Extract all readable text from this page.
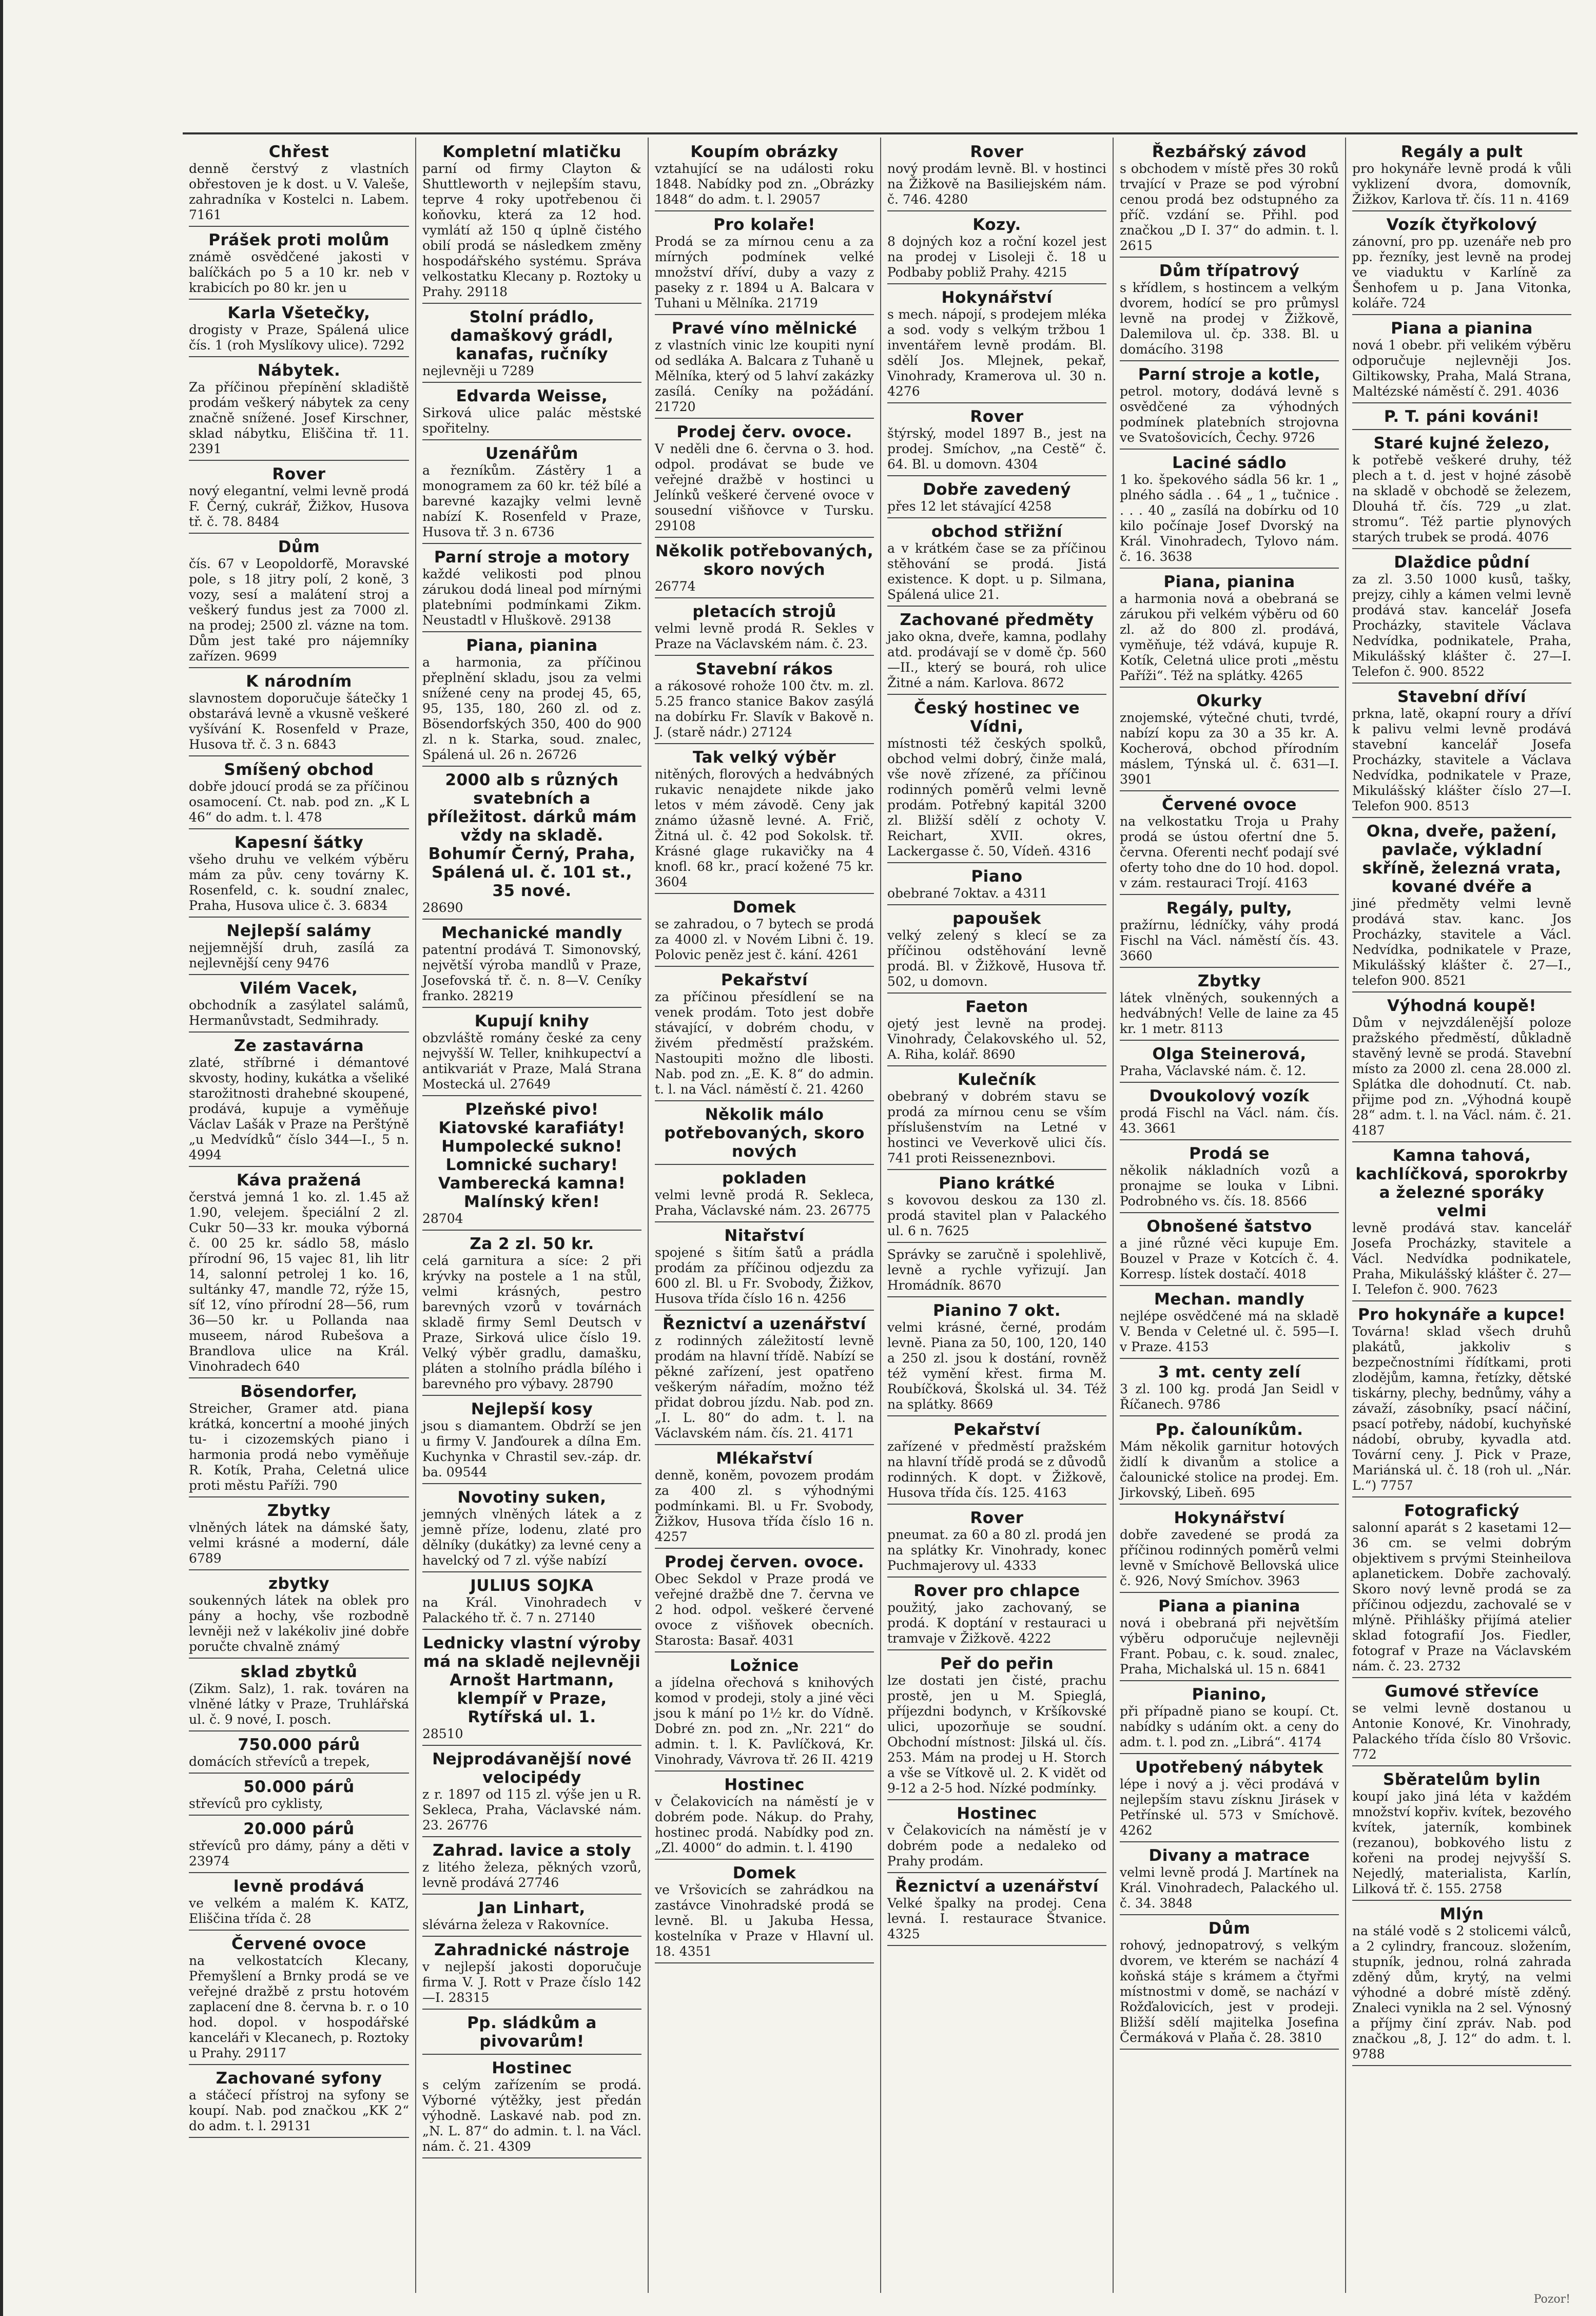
Chřest

denně čerstvý z vlastních obřestoven je k dost. u V. Valeše, zahradníka v Kostelci n. Labem. 7161

Prášek proti molům

známě osvědčené jakosti v balíčkách po 5 a 10 kr. neb v krabicích po 80 kr. jen u

Karla Všetečky,

drogisty v Praze, Spálená ulice čís. 1 (roh Myslíkovy ulice). 7292

Nábytek.

Za příčinou přepínění skladiště prodám veškerý nábytek za ceny značně snížené. Josef Kirschner, sklad nábytku, Eliščina tř. 11. 2391

Rover

nový elegantní, velmi levně prodá F. Černý, cukrář, Žižkov, Husova tř. č. 78. 8484

Dům

čís. 67 v Leopoldorfě, Moravské pole, s 18 jitry polí, 2 koně, 3 vozy, sesí a malátení stroj a veškerý fundus jest za 7000 zl. na prodej; 2500 zl. vázne na tom. Dům jest také pro nájemníky zařízen. 9699

K národním

slavnostem doporučuje šátečky 1 obstarává levně a vkusně veškeré vyšívání K. Rosenfeld v Praze, Husova tř. č. 3 n. 6843

Smíšený obchod

dobře jdoucí prodá se za příčinou osamocení. Ct. nab. pod zn. „K L 46“ do adm. t. l. 478

Kapesní šátky

všeho druhu ve velkém výběru mám za pův. ceny továrny K. Rosenfeld, c. k. soudní znalec, Praha, Husova ulice č. 3. 6834

Nejlepší salámy

nejjemnější druh, zasílá za nejlevnější ceny 9476

Vilém Vacek,

obchodník a zasýlatel salámů, Hermanůvstadt, Sedmihrady.

Ze zastavárna

zlaté, stříbrné i démantové skvosty, hodiny, kukátka a všeliké starožitnosti drahebné skoupené, prodává, kupuje a vyměňuje Václav Lašák v Praze na Perštýně „u Medvídků“ číslo 344—I., 5 n. 4994

Káva pražená

čerstvá jemná 1 ko. zl. 1.45 až 1.90, velejem. špeciální 2 zl. Cukr 50—33 kr. mouka výborná č. 00 25 kr. sádlo 58, máslo přírodní 96, 15 vajec 81, lih litr 14, salonní petrolej 1 ko. 16, sultánky 47, mandle 72, rýže 15, síť 12, víno přírodní 28—56, rum 36—50 kr. u Pollanda naa museem, národ Rubešova a Brandlova ulice na Král. Vinohradech 640

Bösendorfer,

Streicher, Gramer atd. piana krátká, koncertní a moohé jiných tu- i cizozemských piano i harmonia prodá nebo vyměňuje R. Kotík, Praha, Celetná ulice proti městu Paříži. 790

Zbytky

vlněných látek na dámské šaty, velmi krásné a moderní, dále 6789

zbytky

soukenných látek na oblek pro pány a hochy, vše rozbodně levněji než v lakékoliv jiné dobře poručte chvalně známý

sklad zbytků

(Zikm. Salz), 1. rak. továren na vlněné látky v Praze, Truhlářská ul. č. 9 nové, I. posch.

750.000 párů

domácích střevíců a trepek,

50.000 párů

střevíců pro cyklisty,

20.000 párů

střevíců pro dámy, pány a děti v 23974

levně prodává

ve velkém a malém K. KATZ, Eliščina třída č. 28

Červené ovoce

na velkostatcích Klecany, Přemyšlení a Brnky prodá se ve veřejné dražbě z prstu hotovém zaplacení dne 8. června b. r. o 10 hod. dopol. v hospodářské kanceláři v Klecanech, p. Roztoky u Prahy. 29117

Zachované syfony

a stáčecí přístroj na syfony se koupí. Nab. pod značkou „KK 2“ do adm. t. l. 29131

Kompletní mlatičku

parní od firmy Clayton & Shuttleworth v nejlepším stavu, teprve 4 roky upotřebenou či koňovku, která za 12 hod. vymlátí až 150 q úplně čistého obilí prodá se následkem změny hospodářského systému. Správa velkostatku Klecany p. Roztoky u Prahy. 29118

Stolní prádlo, damaškový grádl, kanafas, ručníky

nejlevněji u 7289

Edvarda Weisse,

Sirková ulice palác městské spořitelny.

Uzenářům

a řezníkům. Zástěry 1 a monogramem za 60 kr. též bílé a barevné kazajky velmi levně nabízí K. Rosenfeld v Praze, Husova tř. 3 n. 6736

Parní stroje a motory

každé velikosti pod plnou zárukou dodá lineal pod mírnými platebními podmínkami Zikm. Neustadtl v Hluškově. 29138

Piana, pianina

a harmonia, za příčinou přeplnění skladu, jsou za velmi snížené ceny na prodej 45, 65, 95, 135, 180, 260 zl. od z. Bösendorfských 350, 400 do 900 zl. n k. Starka, soud. znalec, Spálená ul. 26 n. 26726

2000 alb s různých svatebních a příležitost. dárků mám vždy na skladě. Bohumír Černý, Praha, Spálená ul. č. 101 st., 35 nové.

28690

Mechanické mandly

patentní prodává T. Simonovský, největší výroba mandlů v Praze, Josefovská tř. č. n. 8—V. Ceníky franko. 28219

Kupují knihy

obzvláště romány české za ceny nejvyšší W. Teller, knihkupectví a antikvariát v Praze, Malá Strana Mostecká ul. 27649

Plzeňské pivo! Kiatovské karafiáty! Humpolecké sukno! Lomnické suchary! Vamberecká kamna! Malínský křen!

28704

Za 2 zl. 50 kr.

celá garnitura a síce: 2 při krývky na postele a 1 na stůl, velmi krásných, pestro barevných vzorů v továrnách skladě firmy Seml Deutsch v Praze, Sirková ulice číslo 19. Velký výběr gradlu, damašku, pláten a stolního prádla bílého i barevného pro výbavy. 28790

Nejlepší kosy

jsou s diamantem. Obdrží se jen u firmy V. Janďourek a dílna Em. Kuchynka v Chrastil sev.-záp. dr. ba. 09544

Novotiny suken,

jemných vlněných látek a z jemně příze, lodenu, zlaté pro dělníky (dukátky) za levné ceny a havelcký od 7 zl. výše nabízí

JULIUS SOJKA

na Král. Vinohradech v Palackého tř. č. 7 n. 27140

Lednicky vlastní výroby má na skladě nejlevněji Arnošt Hartmann, klempíř v Praze, Rytířská ul. 1.

28510

Nejprodávanější nové velocipédy

z r. 1897 od 115 zl. výše jen u R. Sekleca, Praha, Václavské nám. 23. 26776

Zahrad. lavice a stoly

z litého železa, pěkných vzorů, levně prodává 27746

Jan Linhart,

slévárna železa v Rakovníce.

Zahradnické nástroje

v nejlepší jakosti doporučuje firma V. J. Rott v Praze číslo 142—I. 28315

Pp. sládkům a pivovarům!
Hostinec

s celým zařízením se prodá. Výborné výtěžky, jest předán výhodně. Laskavé nab. pod zn. „N. L. 87“ do admin. t. l. na Václ. nám. č. 21. 4309

Koupím obrázky

vztahující se na události roku 1848. Nabídky pod zn. „Obrázky 1848“ do adm. t. l. 29057

Pro kolaře!

Prodá se za mírnou cenu a za mírných podmínek velké množství dříví, duby a vazy z paseky z r. 1894 u A. Balcara v Tuhani u Mělníka. 21719

Pravé víno mělnické

z vlastních vinic lze koupiti nyní od sedláka A. Balcara z Tuhaně u Mělníka, který od 5 lahví zakázky zasílá. Ceníky na požádání. 21720

Prodej červ. ovoce.

V neděli dne 6. června o 3. hod. odpol. prodávat se bude ve veřejné dražbě v hostinci u Jelínků veškeré červené ovoce v sousední višňovce v Tursku. 29108

Několik potřebovaných, skoro nových

26774

pletacích strojů

velmi levně prodá R. Sekles v Praze na Václavském nám. č. 23.

Stavební rákos

a rákosové rohože 100 čtv. m. zl. 5.25 franco stanice Bakov zasýlá na dobírku Fr. Slavík v Bakově n. J. (starě nádr.) 27124

Tak velký výběr

nitěných, florových a hedvábných rukavic nenajdete nikde jako letos v mém závodě. Ceny jak známo úžasně levné. A. Frič, Žitná ul. č. 42 pod Sokolsk. tř. Krásné glage rukavičky na 4 knofl. 68 kr., prací kožené 75 kr. 3604

Domek

se zahradou, o 7 bytech se prodá za 4000 zl. v Novém Libni č. 19. Polovic peněz jest č. kání. 4261

Pekařství

za příčinou přesídlení se na venek prodám. Toto jest dobře stávající, v dobrém chodu, v živém předměstí pražském. Nastoupiti možno dle libosti. Nab. pod zn. „E. K. 8“ do admin. t. l. na Václ. náměstí č. 21. 4260

Několik málo potřebovaných, skoro nových
pokladen

velmi levně prodá R. Sekleca, Praha, Václavské nám. 23. 26775

Nitařství

spojené s šitím šatů a prádla prodám za příčinou odjezdu za 600 zl. Bl. u Fr. Svobody, Žižkov, Husova třída číslo 16 n. 4256

Řeznictví a uzenářství

z rodinných záležitostí levně prodám na hlavní třídě. Nabízí se pěkné zařízení, jest opatřeno veškerým nářadím, možno též přidat dobrou jízdu. Nab. pod zn. „I. L. 80“ do adm. t. l. na Václavském nám. čís. 21. 4171

Mlékařství

denně, koněm, povozem prodám za 400 zl. s výhodnými podmínkami. Bl. u Fr. Svobody, Žižkov, Husova třída číslo 16 n. 4257

Prodej červen. ovoce.

Obec Sekdol v Praze prodá ve veřejné dražbě dne 7. června ve 2 hod. odpol. veškeré červené ovoce z višňovek obecních. Starosta: Basař. 4031

Ložnice

a jídelna ořechová s knihových komod v prodeji, stoly a jiné věci jsou k mání po 1½ kr. do Vídně. Dobré zn. pod zn. „Nr. 221“ do admin. t. l. K. Pavlíčková, Kr. Vinohrady, Vávrova tř. 26 II. 4219

Hostinec

v Čelakovicích na náměstí je v dobrém pode. Nákup. do Prahy, hostinec prodá. Nabídky pod zn. „Zl. 4000“ do admin. t. l. 4190

Domek

ve Vršovicích se zahrádkou na zastávce Vinohradské prodá se levně. Bl. u Jakuba Hessa, kostelníka v Praze v Hlavní ul. 18. 4351

Rover

nový prodám levně. Bl. v hostinci na Žižkově na Basiliejském nám. č. 746. 4280

Kozy.

8 dojných koz a roční kozel jest na prodej v Lisoleji č. 18 u Podbaby pobliž Prahy. 4215

Hokynářství

s mech. nápojí, s prodejem mléka a sod. vody s velkým tržbou 1 inventářem levně prodám. Bl. sdělí Jos. Mlejnek, pekař, Vinohrady, Kramerova ul. 30 n. 4276

Rover

štýrský, model 1897 B., jest na prodej. Smíchov, „na Cestě“ č. 64. Bl. u domovn. 4304

Dobře zavedený

přes 12 let stávající 4258

obchod střižní

a v krátkém čase se za příčinou stěhování se prodá. Jistá existence. K dopt. u p. Silmana, Spálená ulice 21.

Zachované předměty

jako okna, dveře, kamna, podlahy atd. prodávají se v domě čp. 560—II., který se bourá, roh ulice Žitné a nám. Karlova. 8672

Český hostinec ve Vídni,

místnosti též českých spolků, obchod velmi dobrý, činže malá, vše nově zřízené, za příčinou rodinných poměrů velmi levně prodám. Potřebný kapitál 3200 zl. Bližší sdělí z ochoty V. Reichart, XVII. okres, Lackergasse č. 50, Vídeň. 4316

Piano

obebrané 7oktav. a 4311

papoušek

velký zelený s klecí se za příčinou odstěhování levně prodá. Bl. v Žižkově, Husova tř. 502, u domovn.

Faeton

ojetý jest levně na prodej. Vinohrady, Čelakovského ul. 52, A. Riha, kolář. 8690

Kulečník

obebraný v dobrém stavu se prodá za mírnou cenu se vším příslušenstvím na Letné v hostinci ve Veverkově ulici čís. 741 proti Reisseneznbovi.

Piano krátké

s kovovou deskou za 130 zl. prodá stavitel plan v Palackého ul. 6 n. 7625

Správky se zaručně i spolehlivě, levně a rychle vyřizují. Jan Hromádník. 8670

Pianino 7 okt.

velmi krásné, černé, prodám levně. Piana za 50, 100, 120, 140 a 250 zl. jsou k dostání, rovněž též vymění křest. firma M. Roubíčková, Školská ul. 34. Též na splátky. 8669

Pekařství

zařízené v předměstí pražském na hlavní třídě prodá se z důvodů rodinných. K dopt. v Žižkově, Husova třída čís. 125. 4163

Rover

pneumat. za 60 a 80 zl. prodá jen na splátky Kr. Vinohrady, konec Puchmajerovy ul. 4333

Rover pro chlapce

použitý, jako zachovaný, se prodá. K doptání v restauraci u tramvaje v Žižkově. 4222

Peř do peřin

lze dostati jen čisté, prachu prostě, jen u M. Spieglá, příjezdni bodynch, v Kršíkovské ulici, upozorňuje se soudní. Obchodní místnost: Jilská ul. čís. 253. Mám na prodej u H. Storch a vše se Vítkově ul. 2. K vidět od 9-12 a 2-5 hod. Nízké podmínky.

Hostinec

v Čelakovicích na náměstí je v dobrém pode a nedaleko od Prahy prodám.

Řeznictví a uzenářství

Velké špalky na prodej. Cena levná. I. restaurace Štvanice. 4325

Řezbářský závod

s obchodem v místě přes 30 roků trvající v Praze se pod výrobní cenou prodá bez odstupného za příč. vzdání se. Přihl. pod značkou „D I. 37“ do admin. t. l. 2615

Dům třípatrový

s křídlem, s hostincem a velkým dvorem, hodící se pro průmysl levně na prodej v Žižkově, Dalemilova ul. čp. 338. Bl. u domácího. 3198

Parní stroje a kotle,

petrol. motory, dodává levně s osvědčené za výhodných podmínek platebních strojovna ve Svatošovicích, Čechy. 9726

Laciné sádlo

1 ko. špekového sádla 56 kr. 1 „ plného sádla . . 64 „ 1 „ tučnice . . . . 40 „ zasílá na dobírku od 10 kilo počínaje Josef Dvorský na Král. Vinohradech, Tylovo nám. č. 16. 3638

Piana, pianina

a harmonia nová a obebraná se zárukou při velkém výběru od 60 zl. až do 800 zl. prodává, vyměňuje, též vdává, kupuje R. Kotík, Celetná ulice proti „městu Paříži“. Též na splátky. 4265

Okurky

znojemské, výtečné chuti, tvrdé, nabízí kopu za 30 a 35 kr. A. Kocherová, obchod přírodním máslem, Týnská ul. č. 631—I. 3901

Červené ovoce

na velkostatku Troja u Prahy prodá se ústou ofertní dne 5. června. Oferenti nechť podají své oferty toho dne do 10 hod. dopol. v zám. restauraci Trojí. 4163

Regály, pulty,

pražírnu, lédníčky, váhy prodá Fischl na Václ. náměstí čís. 43. 3660

Zbytky

látek vlněných, soukenných a hedvábných! Velle de laine za 45 kr. 1 metr. 8113

Olga Steinerová,

Praha, Václavské nám. č. 12.

Dvoukolový vozík

prodá Fischl na Václ. nám. čís. 43. 3661

Prodá se

několik nákladních vozů a pronajme se louka v Libni. Podrobného vs. čís. 18. 8566

Obnošené šatstvo

a jiné různé věci kupuje Em. Bouzel v Praze v Kotcích č. 4. Korresp. lístek dostačí. 4018

Mechan. mandly

nejlépe osvědčené má na skladě V. Benda v Celetné ul. č. 595—I. v Praze. 4153

3 mt. centy zelí

3 zl. 100 kg. prodá Jan Seidl v Říčanech. 9786

Pp. čalouníkům.

Mám několik garnitur hotových židlí k divanům a stolice a čalounické stolice na prodej. Em. Jirkovský, Libeň. 695

Hokynářství

dobře zavedené se prodá za příčinou rodinných poměrů velmi levně v Smíchově Bellovská ulice č. 926, Nový Smíchov. 3963

Piana a pianina

nová i obebraná při největším výběru odporučuje nejlevněji Frant. Pobau, c. k. soud. znalec, Praha, Michalská ul. 15 n. 6841

Pianino,

při případně piano se koupí. Ct. nabídky s udáním okt. a ceny do adm. t. l. pod zn. „Librá“. 4174

Upotřebený nábytek

lépe i nový a j. věci prodává v nejlepším stavu získnu Jirásek v Petřínské ul. 573 v Smíchově. 4262

Divany a matrace

velmi levně prodá J. Martínek na Král. Vinohradech, Palackého ul. č. 34. 3848

Dům

rohový, jednopatrový, s velkým dvorem, ve kterém se nachází 4 koňská stáje s krámem a čtyřmi místnostmi v domě, se nachází v Rožďalovicích, jest v prodeji. Bližší sdělí majitelka Josefina Čermáková v Plaňa č. 28. 3810

Regály a pult

pro hokynáře levně prodá k vůli vyklizení dvora, domovník, Žižkov, Karlova tř. čís. 11 n. 4169

Vozík čtyřkolový

zánovní, pro pp. uzenáře neb pro pp. řezníky, jest levně na prodej ve viaduktu v Karlíně za Šenhofem u p. Jana Vitonka, koláře. 724

Piana a pianina

nová 1 obebr. při velikém výběru odporučuje nejlevněji Jos. Giltikowsky, Praha, Malá Strana, Maltézské náměstí č. 291. 4036

P. T. páni kováni!
Staré kujné železo,

k potřebě veškeré druhy, též plech a t. d. jest v hojné zásobě na skladě v obchodě se železem, Dlouhá tř. čís. 729 „u zlat. stromu“. Též partie plynových starých trubek se prodá. 4076

Dlaždice půdní

za zl. 3.50 1000 kusů, tašky, prejzy, cihly a kámen velmi levně prodává stav. kancelář Josefa Procházky, stavitele Václava Nedvídka, podnikatele, Praha, Mikulášský klášter č. 27—I. Telefon č. 900. 8522

Stavební dříví

prkna, latě, okapní roury a dříví k palivu velmi levně prodává stavební kancelář Josefa Procházky, stavitele a Václava Nedvídka, podnikatele v Praze, Mikulášský klášter číslo 27—I. Telefon 900. 8513

Okna, dveře, pažení, pavlače, výkladní skříně, železná vrata, kované dvéře a

jiné předměty velmi levně prodává stav. kanc. Jos Procházky, stavitele a Václ. Nedvídka, podnikatele v Praze, Mikulášský klášter č. 27—I., telefon 900. 8521

Výhodná koupě!

Dům v nejvzdálenější poloze pražského předměstí, důkladně stavěný levně se prodá. Stavební místo za 2000 zl. cena 28.000 zl. Splátka dle dohodnutí. Ct. nab. přijme pod zn. „Výhodná koupě 28“ adm. t. l. na Václ. nám. č. 21. 4187

Kamna tahová, kachlíčková, sporokrby a železné sporáky velmi

levně prodává stav. kancelář Josefa Procházky, stavitele a Václ. Nedvídka podnikatele, Praha, Mikulášský klášter č. 27—I. Telefon č. 900. 7623

Pro hokynáře a kupce!

Továrna! sklad všech druhů plakátů, jakkoliv s bezpečnostními řídítkami, proti zlodějům, kamna, řetízky, dětské tiskárny, plechy, bednůmy, váhy a závaží, zásobníky, psací náčiní, psací potřeby, nádobí, kuchyňské nádobí, obruby, kyvadla atd. Tovární ceny. J. Pick v Praze, Mariánská ul. č. 18 (roh ul. „Nár. L.“) 7757

Fotografický

salonní aparát s 2 kasetami 12—36 cm. se velmi dobrým objektivem s prvými Steinheilova aplanetickem. Dobře zachovalý. Skoro nový levně prodá se za příčinou odjezdu, zachovalé se v mlýně. Přihlášky přijímá atelier sklad fotografií Jos. Fiedler, fotograf v Praze na Václavském nám. č. 23. 2732

Gumové střevíce

se velmi levně dostanou u Antonie Konové, Kr. Vinohrady, Palackého třída číslo 80 Vršovic. 772

Sběratelům bylin

koupí jako jiná léta v každém množství kopřiv. kvítek, bezového kvítek, jaterník, kombinek (rezanou), bobkového listu z kořeni na prodej nejvyšší S. Nejedlý, materialista, Karlín, Lilková tř. č. 155. 2758

Mlýn

na stálé vodě s 2 stolicemi válců, a 2 cylindry, francouz. složením, stupník, jednou, rolná zahrada zděný dům, krytý, na velmi výhodné a dobré místě zděný. Znaleci vynikla na 2 sel. Výnosný a příjmy činí zpráv. Nab. pod značkou „8, J. 12“ do adm. t. l. 9788

Pozor!
